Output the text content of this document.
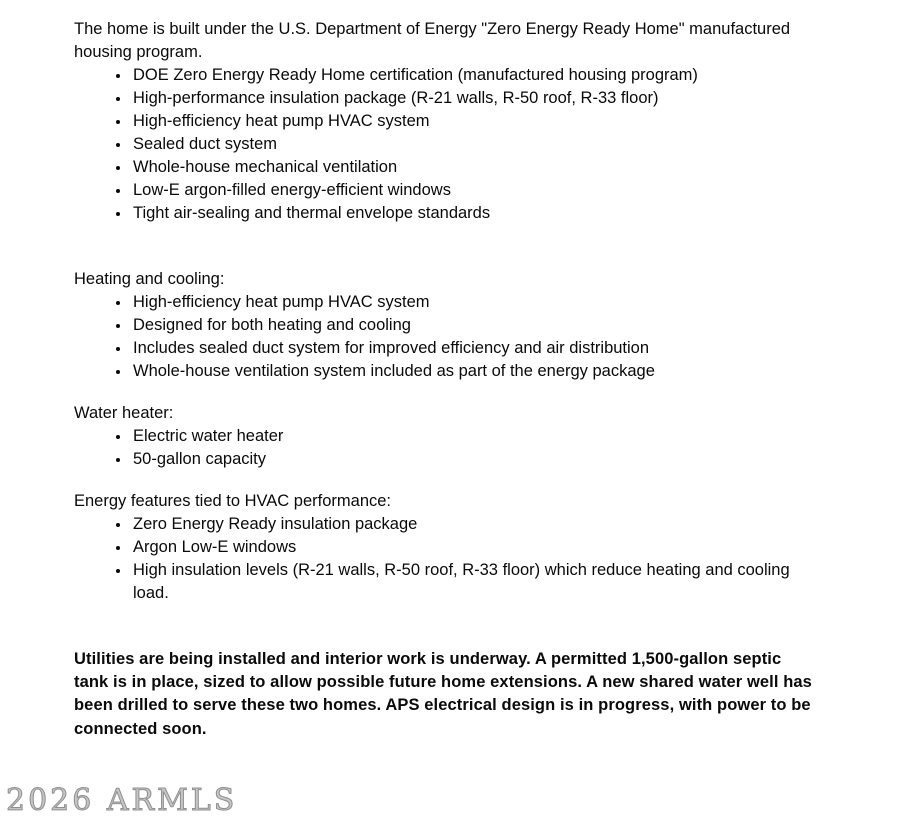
The home is built under the U.S. Department of Energy "Zero Energy Ready Home" manufactured housing program.

• DOE Zero Energy Ready Home certification (manufactured housing program)
• High-performance insulation package (R-21 walls, R-50 roof, R-33 floor)
• High-efficiency heat pump HVAC system
• Sealed duct system
• Whole-house mechanical ventilation
• Low-E argon-filled energy-efficient windows
• Tight air-sealing and thermal envelope standards
Heating and cooling:
• High-efficiency heat pump HVAC system
• Designed for both heating and cooling
• Includes sealed duct system for improved efficiency and air distribution
• Whole-house ventilation system included as part of the energy package
Water heater:
• Electric water heater
• 50-gallon capacity
Energy features tied to HVAC performance:
• Zero Energy Ready insulation package
• Argon Low-E windows
• High insulation levels (R-21 walls, R-50 roof, R-33 floor) which reduce heating and cooling load.

Utilities are being installed and interior work is underway. A permitted 1,500-gallon septic tank is in place, sized to allow possible future home extensions. A new shared water well has been drilled to serve these two homes. APS electrical design is in progress, with power to be connected soon.

2026 ARMLS
